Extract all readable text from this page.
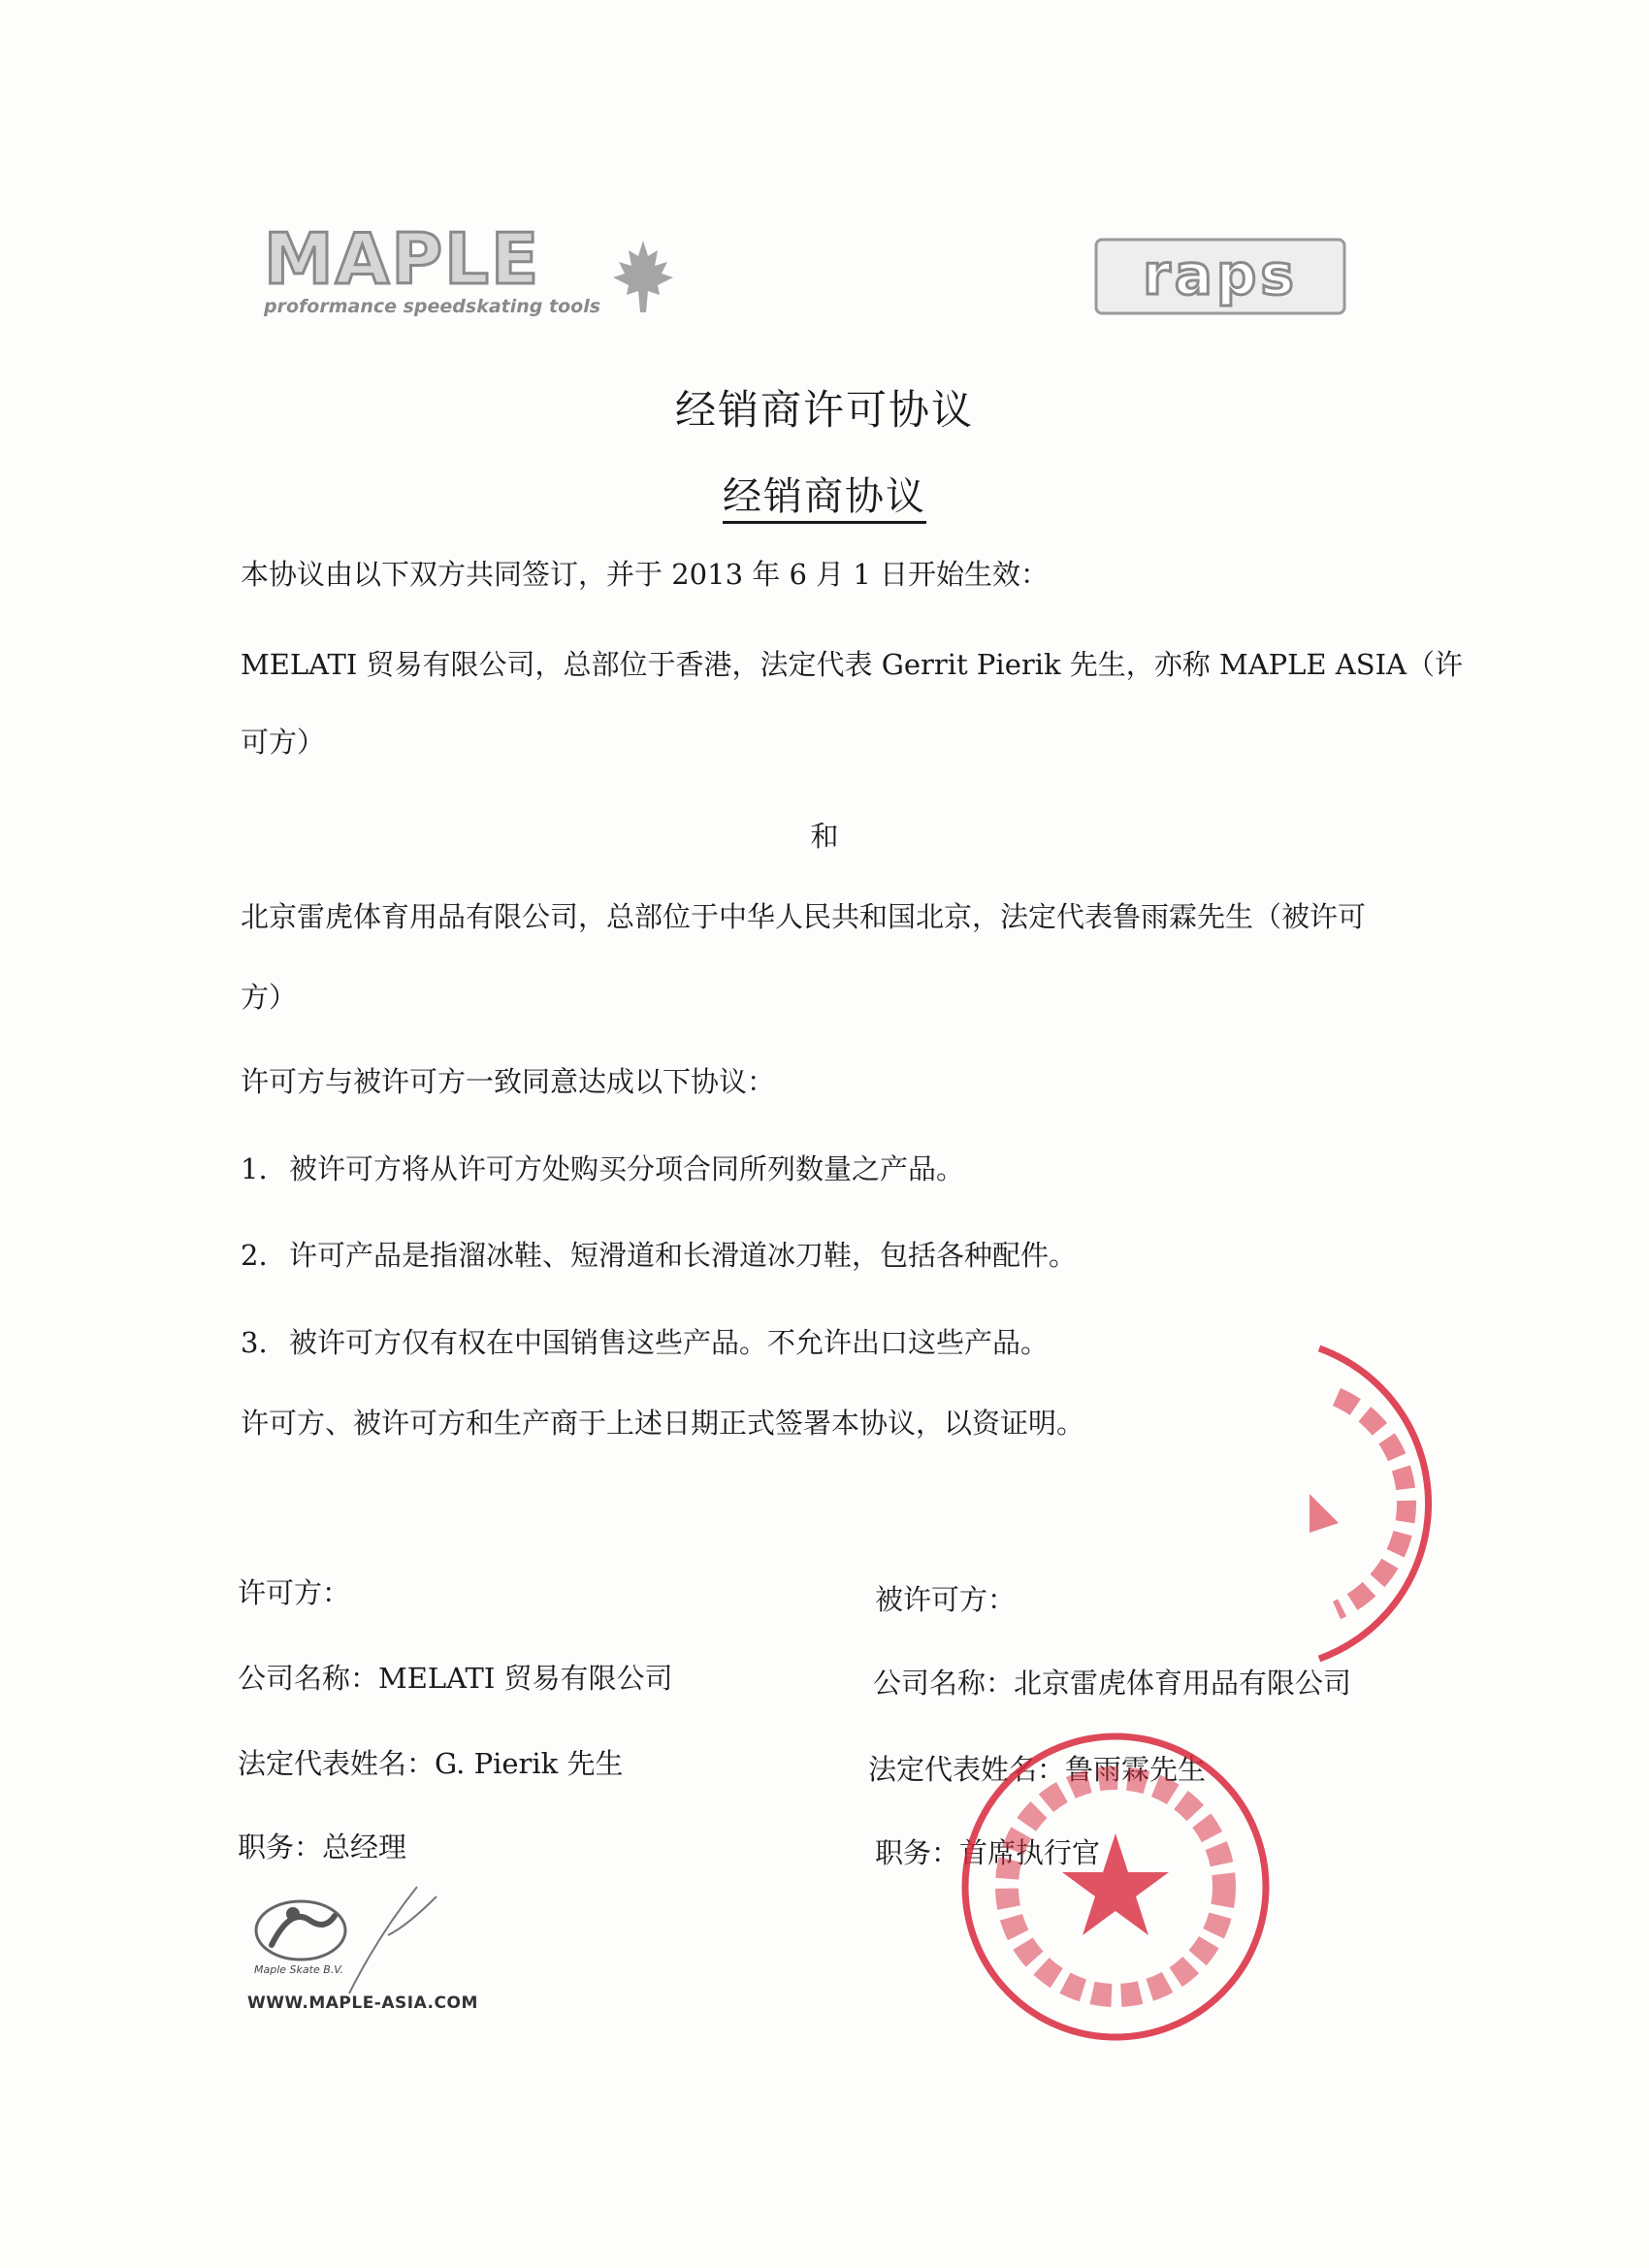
MAPLE
proformance speedskating tools	raps
经销商许可协议
经销商协议
本协议由以下双方共同签订，并于 2013 年 6 月 1 日开始生效：
MELATI 贸易有限公司，总部位于香港，法定代表 Gerrit Pierik 先生，亦称 MAPLE ASIA（许
可方）
和
北京雷虎体育用品有限公司，总部位于中华人民共和国北京，法定代表鲁雨霖先生（被许可
方）
许可方与被许可方一致同意达成以下协议：
1. 被许可方将从许可方处购买分项合同所列数量之产品。
2. 许可产品是指溜冰鞋、短滑道和长滑道冰刀鞋，包括各种配件。
3. 被许可方仅有权在中国销售这些产品。不允许出口这些产品。
许可方、被许可方和生产商于上述日期正式签署本协议，以资证明。
许可方：
公司名称：MELATI 贸易有限公司
法定代表姓名：G. Pierik 先生
职务：总经理
被许可方：
公司名称：北京雷虎体育用品有限公司
法定代表姓名：鲁雨霖先生
职务：首席执行官
Maple Skate B.V.
WWW.MAPLE-ASIA.COM
